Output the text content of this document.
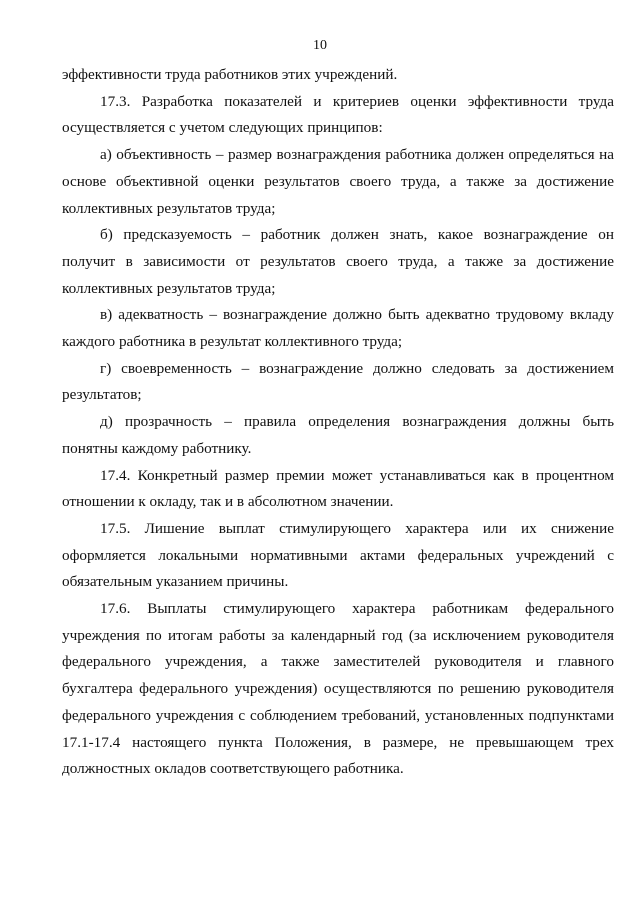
10

эффективности труда работников этих учреждений.

17.3. Разработка показателей и критериев оценки эффективности труда осуществляется с учетом следующих принципов:

а) объективность – размер вознаграждения работника должен определяться на основе объективной оценки результатов своего труда, а также за достижение коллективных результатов труда;

б) предсказуемость – работник должен знать, какое вознаграждение он получит в зависимости от результатов своего труда, а также за достижение коллективных результатов труда;

в) адекватность – вознаграждение должно быть адекватно трудовому вкладу каждого работника в результат коллективного труда;

г) своевременность – вознаграждение должно следовать за достижением результатов;

д) прозрачность – правила определения вознаграждения должны быть понятны каждому работнику.

17.4. Конкретный размер премии может устанавливаться как в процентном отношении к окладу, так и в абсолютном значении.

17.5. Лишение выплат стимулирующего характера или их снижение оформляется локальными нормативными актами федеральных учреждений с обязательным указанием причины.

17.6. Выплаты стимулирующего характера работникам федерального учреждения по итогам работы за календарный год (за исключением руководителя федерального учреждения, а также заместителей руководителя и главного бухгалтера федерального учреждения) осуществляются по решению руководителя федерального учреждения с соблюдением требований, установленных подпунктами 17.1-17.4 настоящего пункта Положения, в размере, не превышающем трех должностных окладов соответствующего работника.
